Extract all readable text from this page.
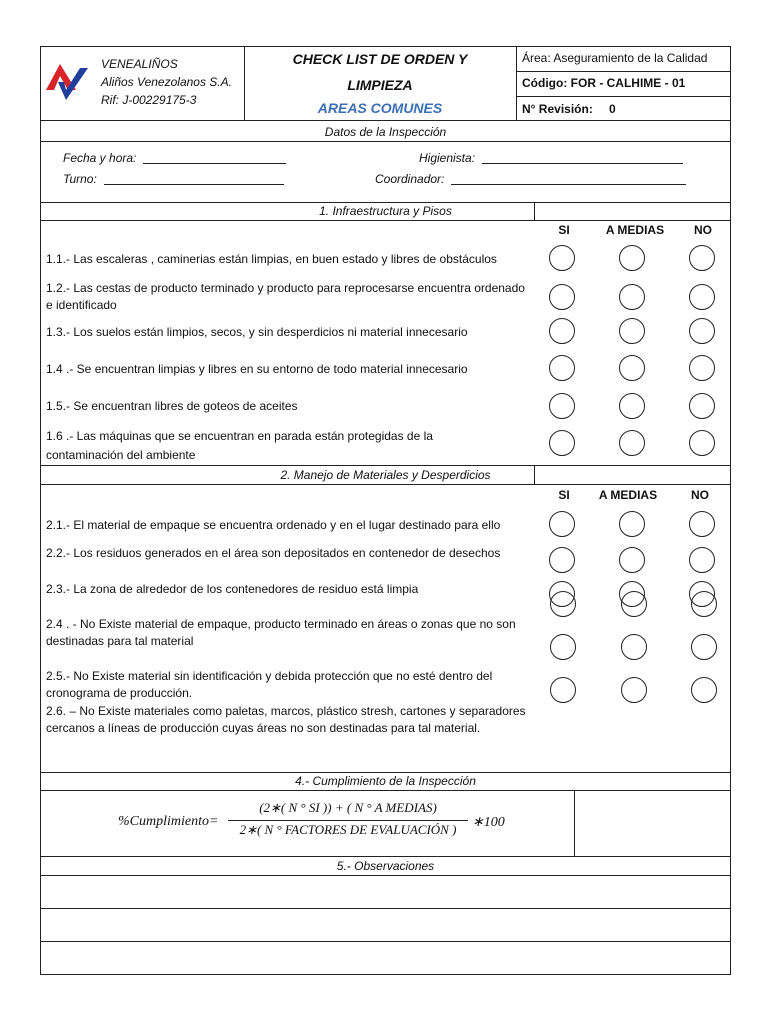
VENEALIÑOS
Aliños Venezolanos S.A.
Rif: J-00229175-3
CHECK LIST DE ORDEN Y
LIMPIEZA
AREAS COMUNES
Área: Aseguramiento de la Calidad
Código: FOR - CALHIME - 01
N° Revisión: 0
Datos de la Inspección
Fecha y hora:	Higienista:
Turno:	Coordinador:
1. Infraestructura y Pisos
SI	A MEDIAS	NO
1.1.- Las escaleras , caminerias están limpias, en buen estado y libres de obstáculos
1.2.- Las cestas de producto terminado y producto para reprocesarse encuentra ordenado e identificado
1.3.- Los suelos están limpios, secos, y sin desperdicios ni material innecesario
1.4 .- Se encuentran limpias y libres en su entorno de todo material innecesario
1.5.- Se encuentran libres de goteos de aceites
1.6 .- Las máquinas que se encuentran en parada están protegidas de la contaminación del ambiente
2. Manejo de Materiales y Desperdicios
SI	A MEDIAS	NO
2.1.- El material de empaque se encuentra ordenado y en el lugar destinado para ello
2.2.- Los residuos generados en el área son depositados en contenedor de desechos
2.3.- La zona de alrededor de los contenedores de residuo está limpia
2.4 . - No Existe material de empaque, producto terminado en áreas o zonas que no son destinadas para tal material
2.5.- No Existe material sin identificación y debida protección que no esté dentro del cronograma de producción.
2.6. – No Existe materiales como paletas, marcos, plástico stresh, cartones y separadores cercanos a líneas de producción cuyas áreas no son destinadas para tal material.
4.- Cumplimiento de la Inspección
%Cumplimiento=
(2∗( N ° SI )) + ( N ° A MEDIAS)
2∗( N ° FACTORES DE EVALUACIÓN )	∗100
5.- Observaciones
